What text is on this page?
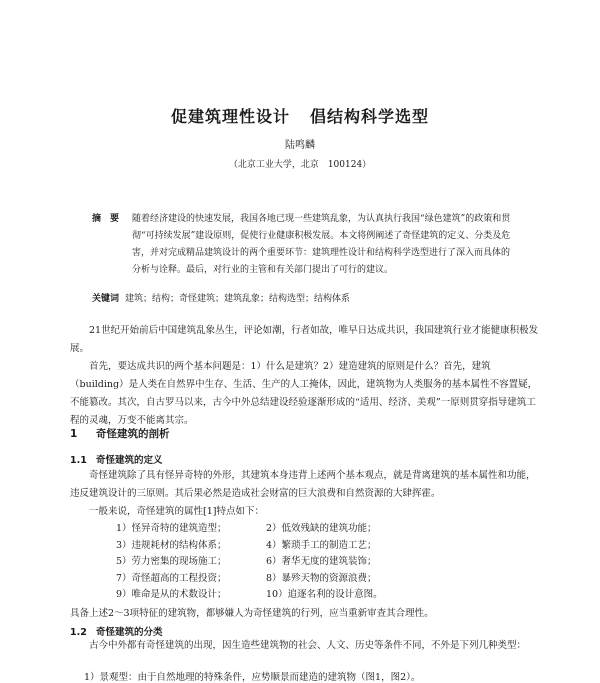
促建筑理性设计 倡结构科学选型
陆鸣麟
（北京工业大学，北京　100124）
摘　要 随着经济建设的快速发展，我国各地已现一些建筑乱象，为认真执行我国“绿色建筑”的政策和贯彻“可持续发展”建设原则，促使行业健康积极发展。本文将例阐述了奇怪建筑的定义、分类及危害，并对完成精品建筑设计的两个重要环节：建筑理性设计和结构科学选型进行了深入而具体的分析与诠释。最后，对行业的主管和有关部门提出了可行的建议。
关键词 建筑；结构；奇怪建筑；建筑乱象；结构选型；结构体系
21世纪开始前后中国建筑乱象丛生，评论如潮，行者如故，唯早日达成共识，我国建筑行业才能健康积极发展。
首先，要达成共识的两个基本问题是：1）什么是建筑？2）建造建筑的原则是什么？首先，建筑（building）是人类在自然界中生存、生活、生产的人工掩体，因此，建筑物为人类服务的基本属性不容置疑，不能篡改。其次，自古罗马以来，古今中外总结建设经验逐渐形成的“适用、经济、美观”一原则贯穿指导建筑工程的灵魂，万变不能离其宗。
1 奇怪建筑的剖析
1.1 奇怪建筑的定义
奇怪建筑除了具有怪异奇特的外形，其建筑本身违背上述两个基本观点，就是背离建筑的基本属性和功能，违反建筑设计的三原则。其后果必然是造成社会财富的巨大浪费和自然资源的大肆挥霍。
一般来说，奇怪建筑的属性[1]特点如下：
1）怪异奇特的建筑造型；	2）低效残缺的建筑功能；
3）违规耗材的结构体系；	4）繁琐手工的制造工艺；
5）劳力密集的现场施工；	6）奢华无度的建筑装饰；
7）奇怪超高的工程投资；	8）暴殄天物的资源浪费；
9）唯命是从的术数设计；	10）追逐名利的设计意图。
具备上述2～3项特征的建筑物，都够嫌人为奇怪建筑的行列，应当重新审查其合理性。
1.2 奇怪建筑的分类
古今中外都有奇怪建筑的出现，因生造些建筑物的社会、人文、历史等条件不同，不外是下列几种类型：
1）景观型：由于自然地理的特殊条件，应势顺景而建造的建筑物（图1，图2）。
